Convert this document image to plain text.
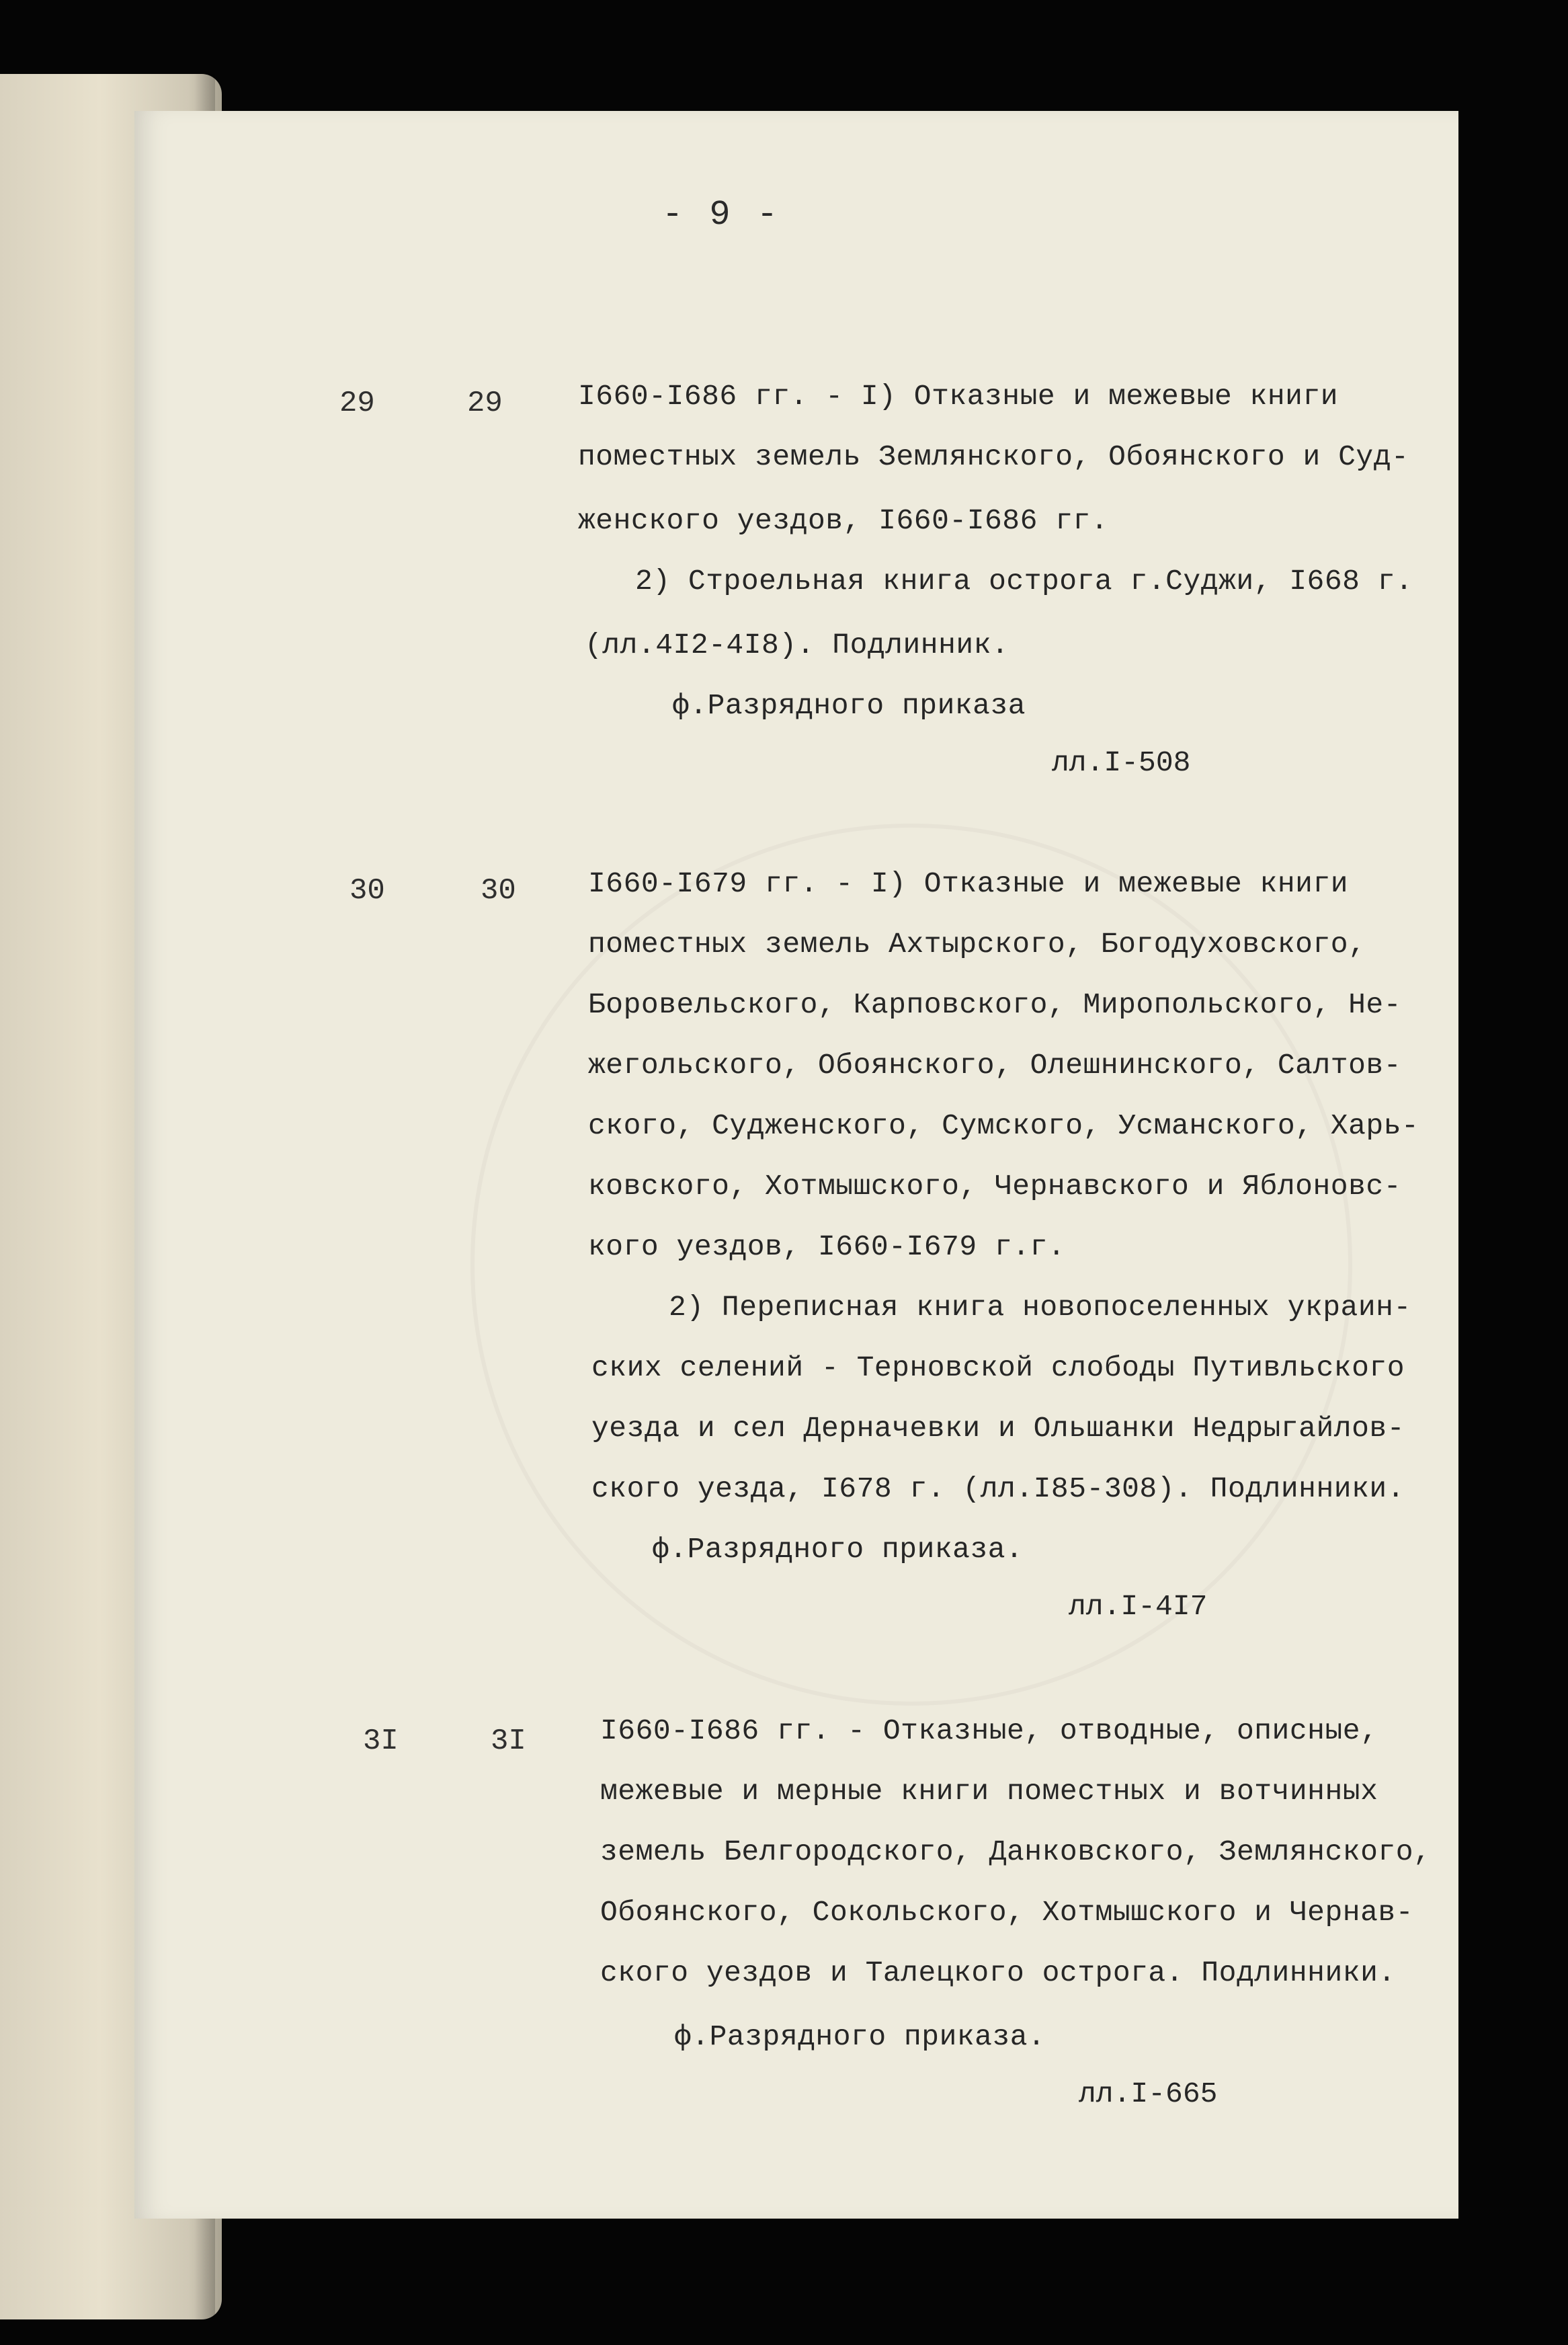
- 9 -
29	29	I660-I686 гг. - I) Отказные и межевые книги
поместных земель Землянского, Обоянского и Суд-
женского уездов, I660-I686 гг.
2) Строельная книга острога г.Суджи, I668 г.
(лл.4I2-4I8). Подлинник.
ф.Разрядного приказа
лл.I-508
30	30 I660-I679 гг. - I) Отказные и межевые книги
поместных земель Ахтырского, Богодуховского,
Боровельского, Карповского, Миропольского, Не-
жегольского, Обоянского, Олешнинского, Салтов-
ского, Судженского, Сумского, Усманского, Харь-
ковского, Хотмышского, Чернавского и Яблоновс-
кого уездов, I660-I679 г.г.
2) Переписная книга новопоселенных украин-
ских селений - Терновской слободы Путивльского
уезда и сел Дерначевки и Ольшанки Недрыгайлов-
ского уезда, I678 г. (лл.I85-308). Подлинники.
ф.Разрядного приказа.
лл.I-4I7
3I	3I	I660-I686 гг. - Отказные, отводные, описные,
межевые и мерные книги поместных и вотчинных
земель Белгородского, Данковского, Землянского,
Обоянского, Сокольского, Хотмышского и Чернав-
ского уездов и Талецкого острога. Подлинники.
ф.Разрядного приказа.
лл.I-665
